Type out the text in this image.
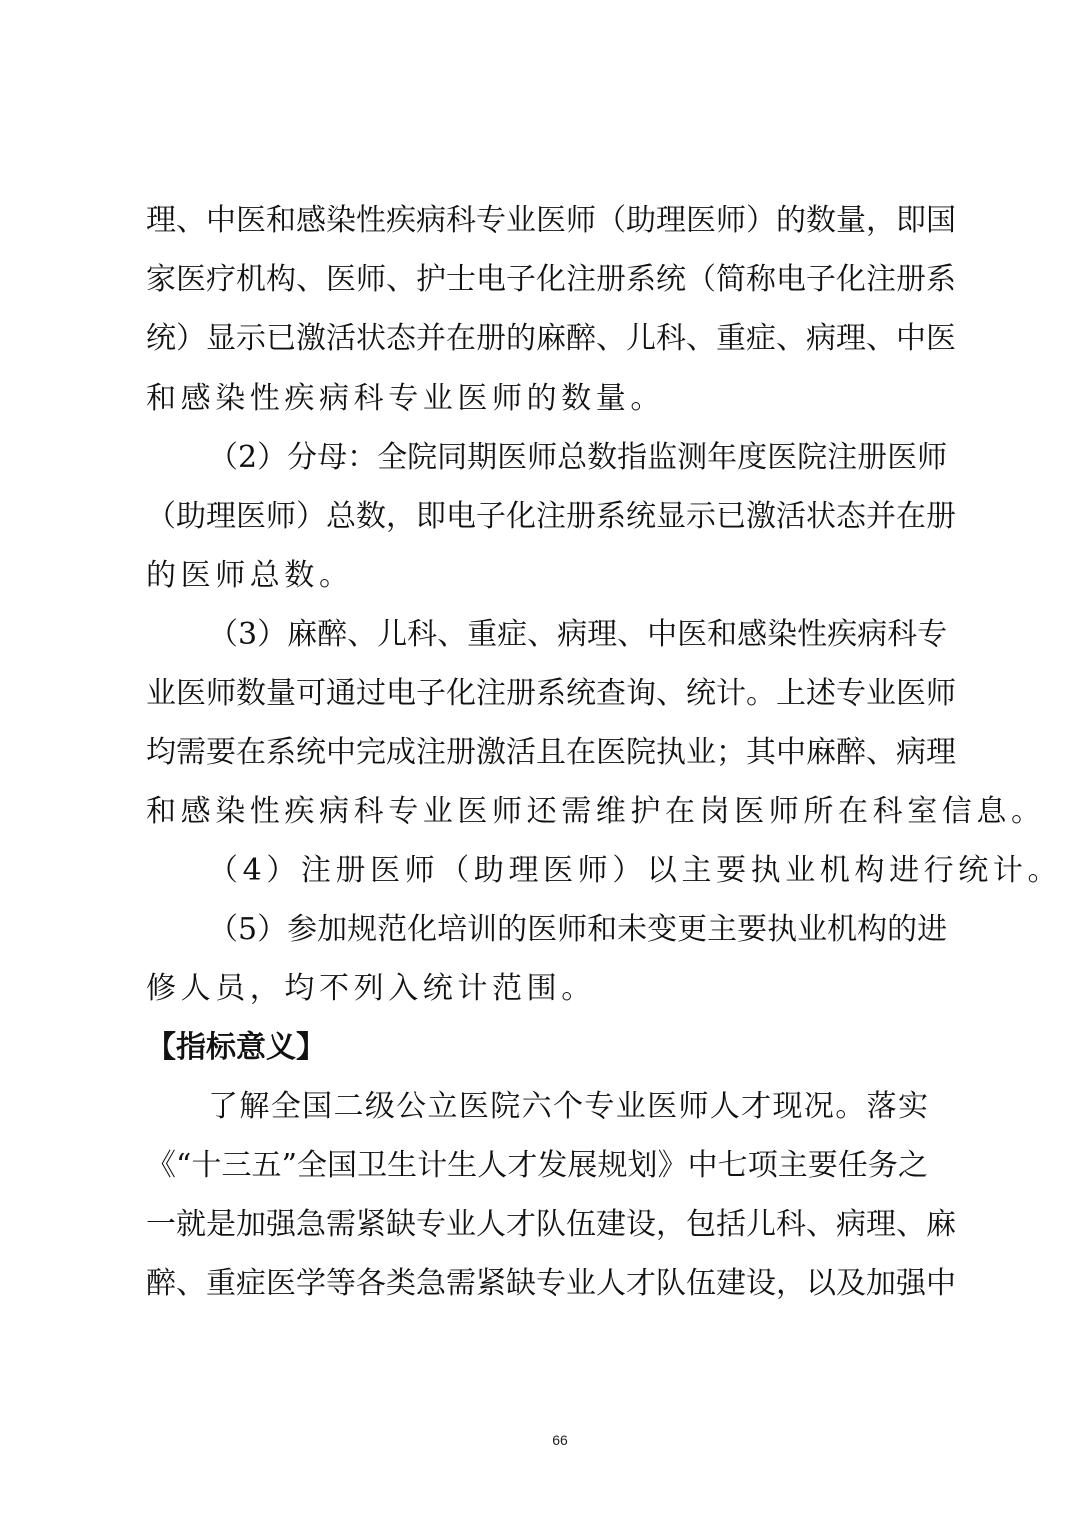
理、中医和感染性疾病科专业医师（助理医师）的数量，即国
家医疗机构、医师、护士电子化注册系统（简称电子化注册系
统）显示已激活状态并在册的麻醉、儿科、重症、病理、中医
和感染性疾病科专业医师的数量。
（2）分母：全院同期医师总数指监测年度医院注册医师
（助理医师）总数，即电子化注册系统显示已激活状态并在册
的医师总数。
（3）麻醉、儿科、重症、病理、中医和感染性疾病科专
业医师数量可通过电子化注册系统查询、统计。上述专业医师
均需要在系统中完成注册激活且在医院执业；其中麻醉、病理
和感染性疾病科专业医师还需维护在岗医师所在科室信息。
（4）注册医师（助理医师）以主要执业机构进行统计。
（5）参加规范化培训的医师和未变更主要执业机构的进
修人员，均不列入统计范围。
【指标意义】
了解全国二级公立医院六个专业医师人才现况。落实
《“十三五”全国卫生计生人才发展规划》中七项主要任务之
一就是加强急需紧缺专业人才队伍建设，包括儿科、病理、麻
醉、重症医学等各类急需紧缺专业人才队伍建设，以及加强中
66
